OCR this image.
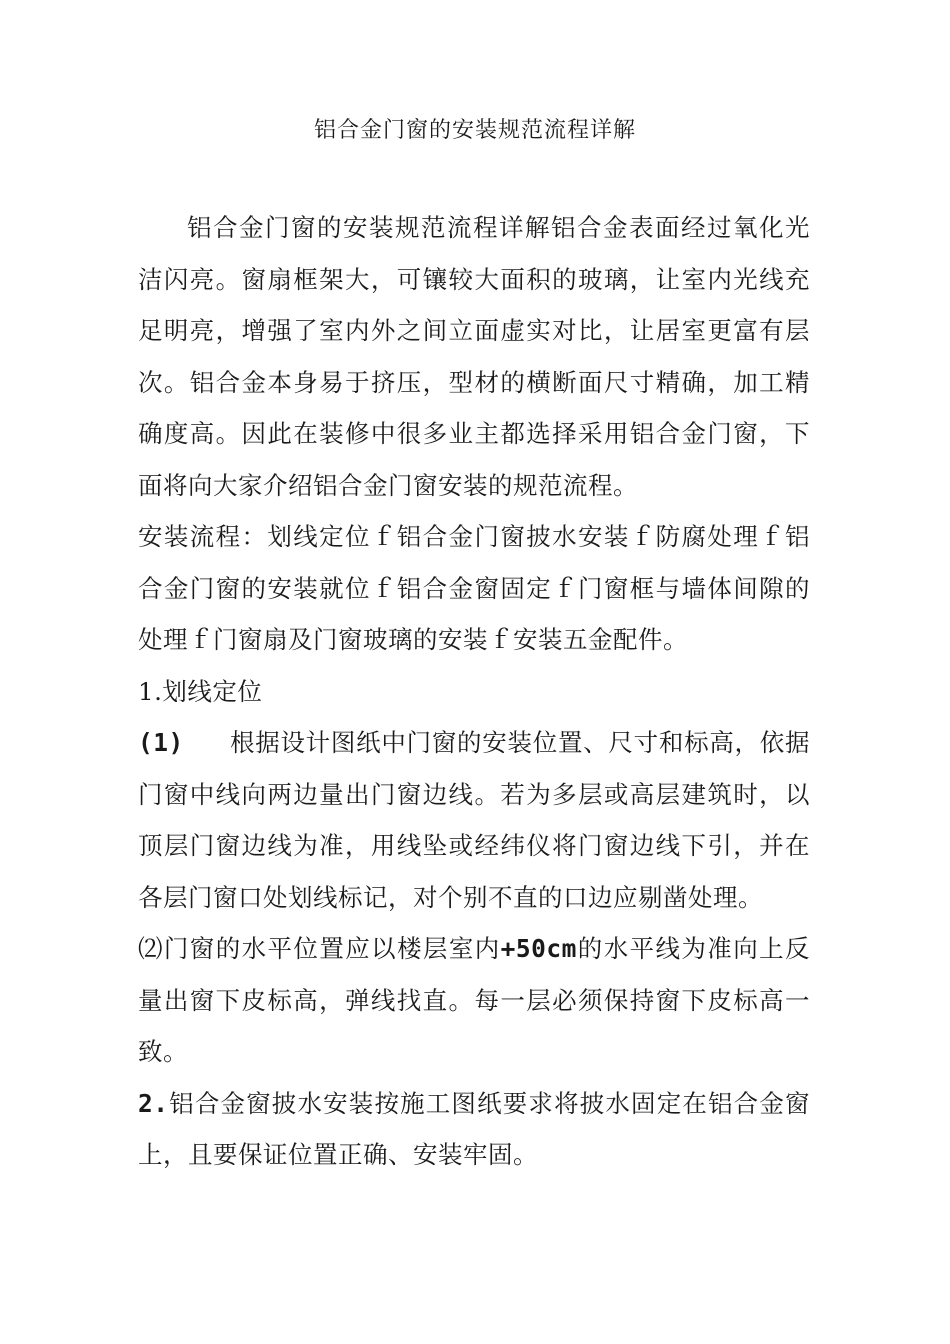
铝合金门窗的安装规范流程详解

铝合金门窗的安装规范流程详解铝合金表面经过氧化光洁闪亮。窗扇框架大，可镶较大面积的玻璃，让室内光线充足明亮，增强了室内外之间立面虚实对比，让居室更富有层次。铝合金本身易于挤压，型材的横断面尺寸精确，加工精确度高。因此在装修中很多业主都选择采用铝合金门窗，下面将向大家介绍铝合金门窗安装的规范流程。

安装流程：划线定位ｆ铝合金门窗披水安装ｆ防腐处理ｆ铝合金门窗的安装就位ｆ铝合金窗固定ｆ门窗框与墙体间隙的处理ｆ门窗扇及门窗玻璃的安装ｆ安装五金配件。

1.划线定位

(1) 根据设计图纸中门窗的安装位置、尺寸和标高，依据门窗中线向两边量出门窗边线。若为多层或高层建筑时，以顶层门窗边线为准，用线坠或经纬仪将门窗边线下引，并在各层门窗口处划线标记，对个别不直的口边应剔凿处理。

⑵门窗的水平位置应以楼层室内+50cm的水平线为准向上反量出窗下皮标高，弹线找直。每一层必须保持窗下皮标高一致。

2.铝合金窗披水安装按施工图纸要求将披水固定在铝合金窗上，且要保证位置正确、安装牢固。
